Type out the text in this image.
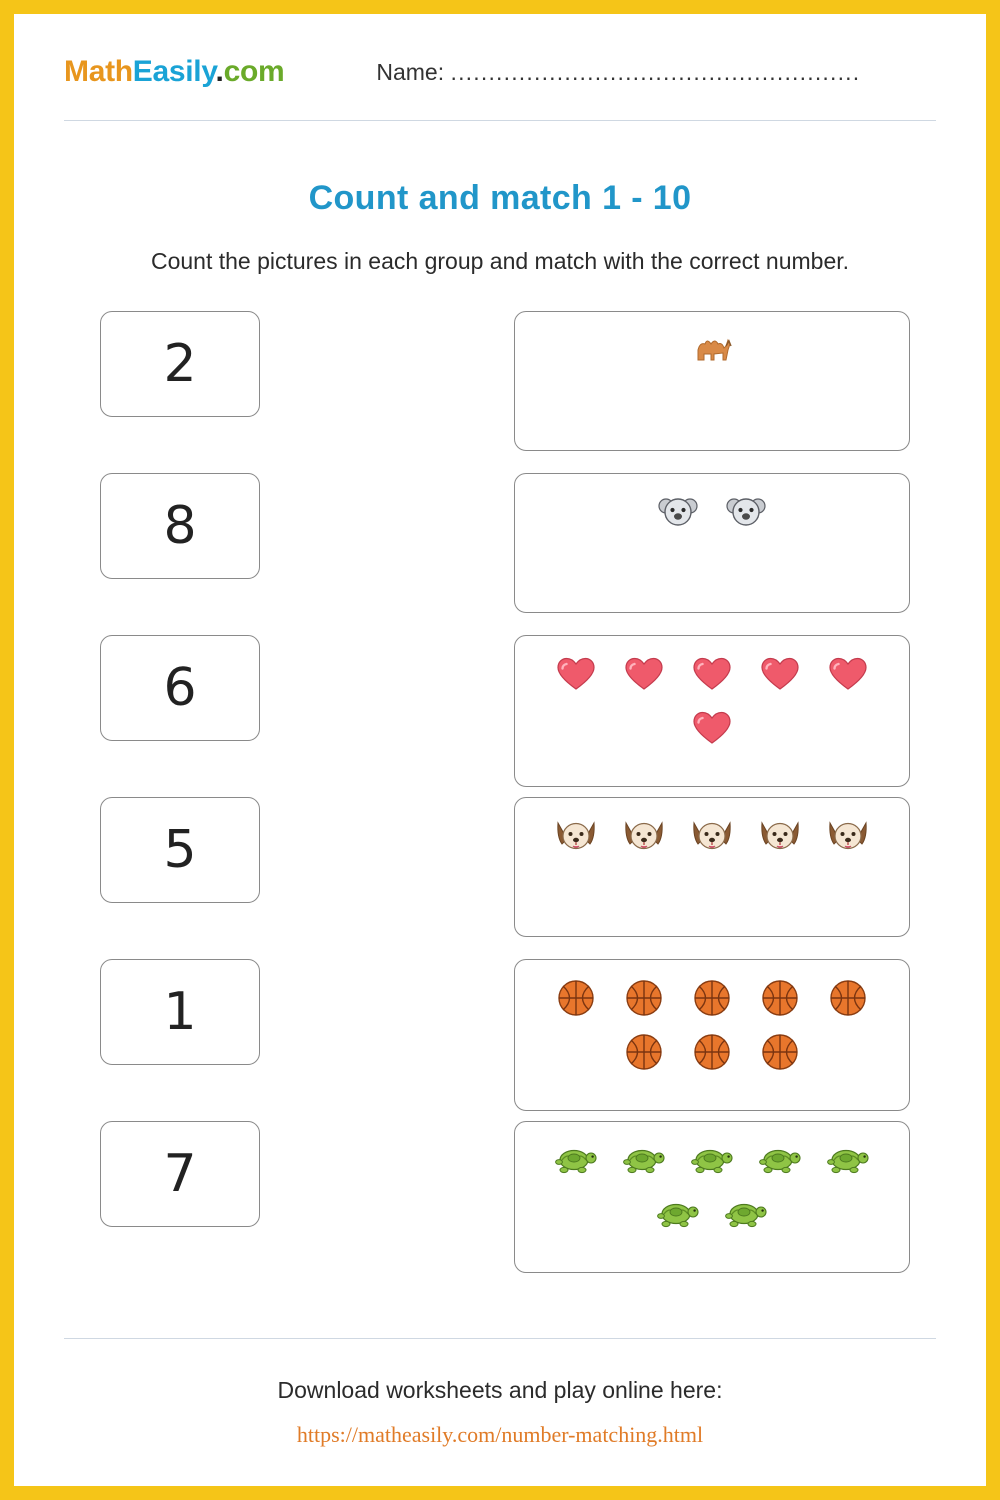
MathEasily.com	Name: ......................................................
Count and match 1 - 10
Count the pictures in each group and match with the correct number.
2
8
6
5
1
7
Download worksheets and play online here:
https://matheasily.com/number-matching.html
